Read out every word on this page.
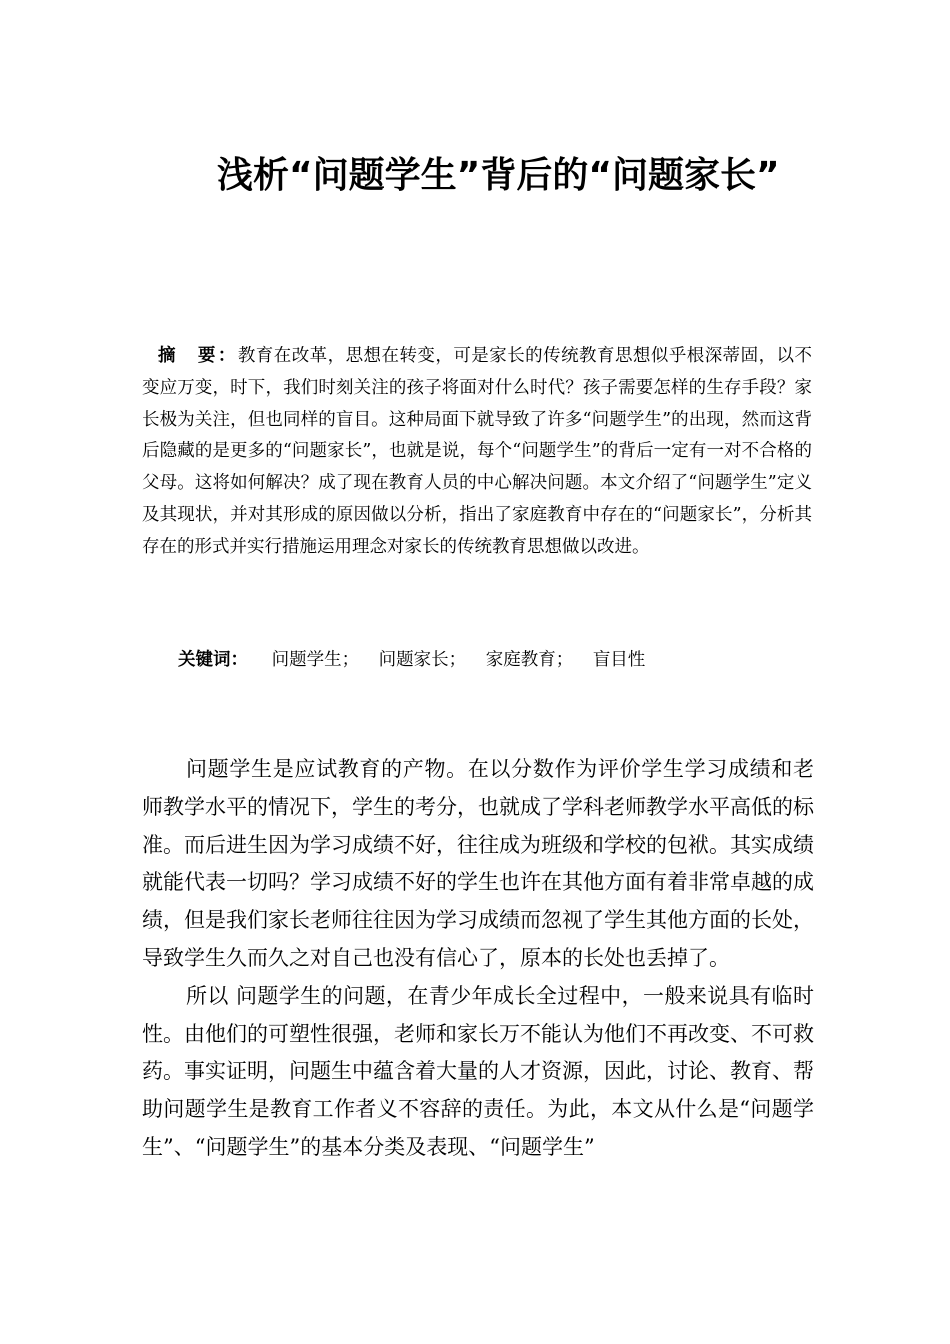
浅析“问题学生”背后的“问题家长”

摘　要：教育在改革，思想在转变，可是家长的传统教育思想似乎根深蒂固，以不变应万变，时下，我们时刻关注的孩子将面对什么时代？孩子需要怎样的生存手段？家长极为关注，但也同样的盲目。这种局面下就导致了许多“问题学生”的出现，然而这背后隐藏的是更多的“问题家长”，也就是说，每个“问题学生”的背后一定有一对不合格的父母。这将如何解决？成了现在教育人员的中心解决问题。本文介绍了“问题学生”定义及其现状，并对其形成的原因做以分析，指出了家庭教育中存在的“问题家长”，分析其存在的形式并实行措施运用理念对家长的传统教育思想做以改进。

关键词： 问题学生； 问题家长； 家庭教育； 盲目性

问题学生是应试教育的产物。在以分数作为评价学生学习成绩和老师教学水平的情况下，学生的考分，也就成了学科老师教学水平高低的标准。而后进生因为学习成绩不好，往往成为班级和学校的包袱。其实成绩就能代表一切吗？学习成绩不好的学生也许在其他方面有着非常卓越的成绩，但是我们家长老师往往因为学习成绩而忽视了学生其他方面的长处，导致学生久而久之对自己也没有信心了，原本的长处也丢掉了。

所以 问题学生的问题，在青少年成长全过程中，一般来说具有临时性。由他们的可塑性很强，老师和家长万不能认为他们不再改变、不可救药。事实证明，问题生中蕴含着大量的人才资源，因此，讨论、教育、帮助问题学生是教育工作者义不容辞的责任。为此，本文从什么是“问题学生”、“问题学生”的基本分类及表现、“问题学生”
